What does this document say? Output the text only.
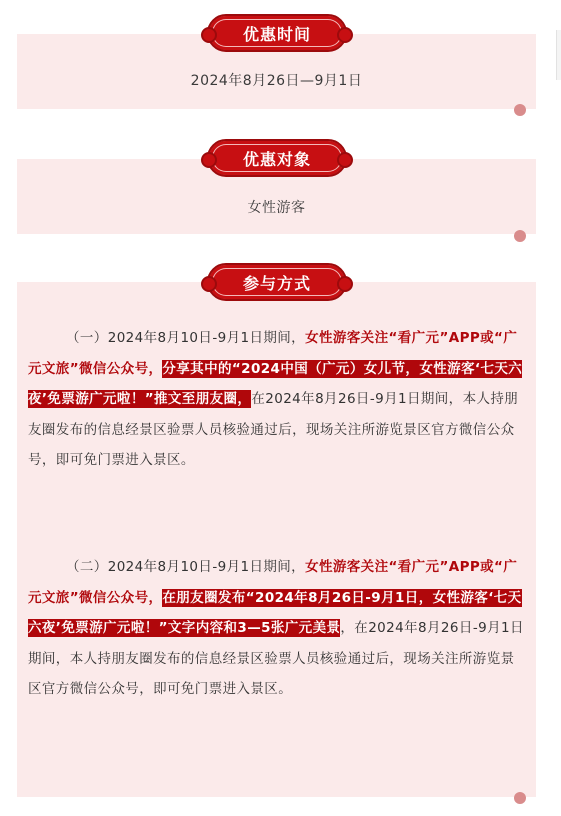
2024年8月26日—9月1日
优惠时间
女性游客
优惠对象
参与方式
（一）2024年8月10日-9月1日期间，女性游客关注“看广元”APP或“广元文旅”微信公众号，分享其中的“2024中国（广元）女儿节，女性游客‘七天六夜’免票游广元啦！”推文至朋友圈，在2024年8月26日-9月1日期间，本人持朋友圈发布的信息经景区验票人员核验通过后，现场关注所游览景区官方微信公众号，即可免门票进入景区。
（二）2024年8月10日-9月1日期间，女性游客关注“看广元”APP或“广元文旅”微信公众号，在朋友圈发布“2024年8月26日-9月1日，女性游客‘七天六夜’免票游广元啦！”文字内容和3—5张广元美景，在2024年8月26日-9月1日期间，本人持朋友圈发布的信息经景区验票人员核验通过后，现场关注所游览景区官方微信公众号，即可免门票进入景区。
